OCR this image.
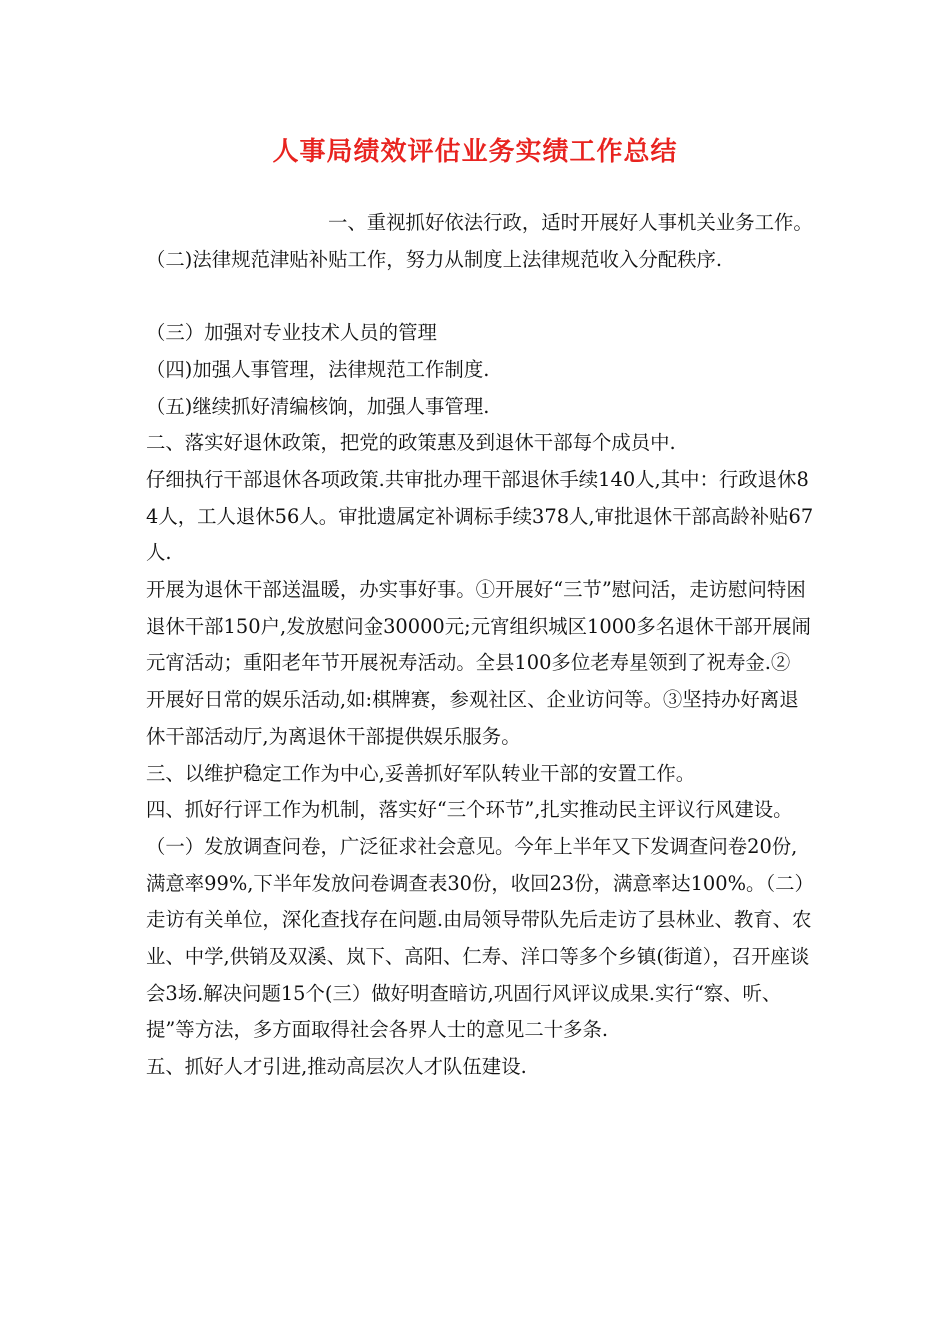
人事局绩效评估业务实绩工作总结

一、重视抓好依法行政，适时开展好人事机关业务工作。

（二)法律规范津贴补贴工作，努力从制度上法律规范收入分配秩序.

（三）加强对专业技术人员的管理

（四)加强人事管理，法律规范工作制度.

（五)继续抓好清编核饷，加强人事管理.

二、落实好退休政策，把党的政策惠及到退休干部每个成员中.

仔细执行干部退休各项政策.共审批办理干部退休手续140人,其中：行政退休84人，工人退休56人。审批遗属定补调标手续378人,审批退休干部高龄补贴67人.

开展为退休干部送温暖，办实事好事。①开展好“三节”慰问活，走访慰问特困退休干部150户,发放慰问金30000元;元宵组织城区1000多名退休干部开展闹元宵活动；重阳老年节开展祝寿活动。全县100多位老寿星领到了祝寿金.② 开展好日常的娱乐活动,如:棋牌赛，参观社区、企业访问等。③坚持办好离退休干部活动厅,为离退休干部提供娱乐服务。

三、以维护稳定工作为中心,妥善抓好军队转业干部的安置工作。

四、抓好行评工作为机制，落实好“三个环节”,扎实推动民主评议行风建设。（一）发放调查问卷，广泛征求社会意见。今年上半年又下发调查问卷20份,满意率99%,下半年发放问卷调查表30份，收回23份，满意率达100%。（二）走访有关单位，深化查找存在问题.由局领导带队先后走访了县林业、教育、农业、中学,供销及双溪、岚下、高阳、仁寿、洋口等多个乡镇(街道），召开座谈会3场.解决问题15个(三）做好明查暗访,巩固行风评议成果.实行“察、听、提”等方法，多方面取得社会各界人士的意见二十多条.

五、抓好人才引进,推动高层次人才队伍建设.
